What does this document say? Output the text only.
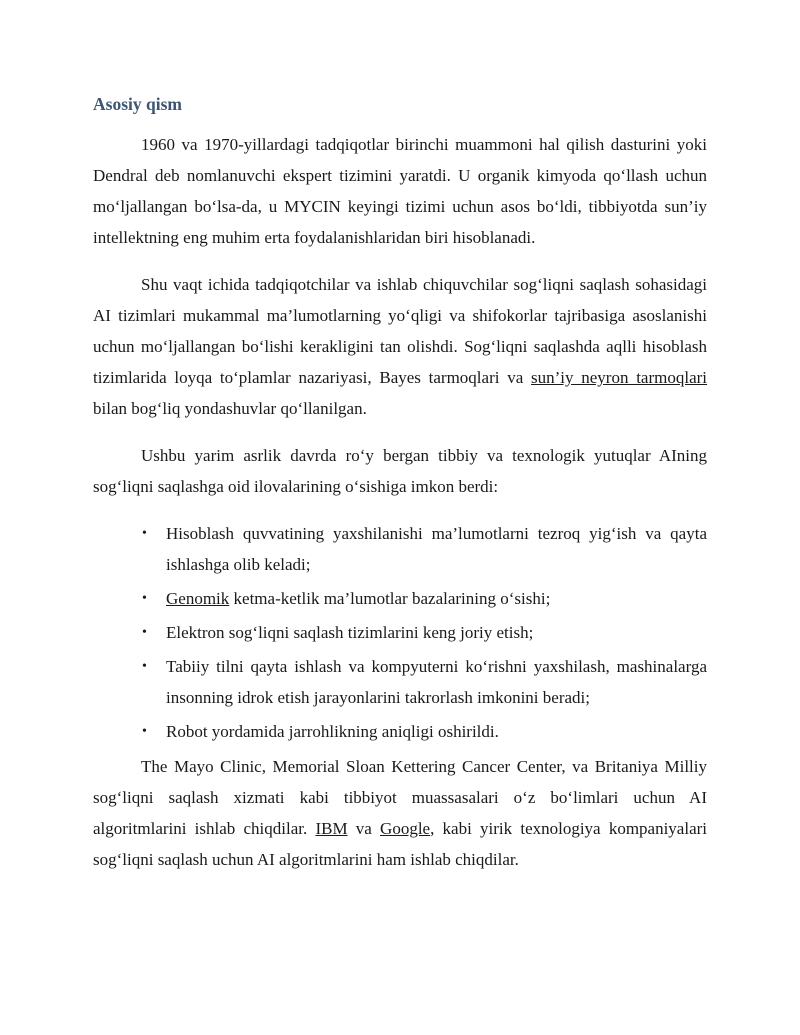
Asosiy qism

1960 va 1970-yillardagi tadqiqotlar birinchi muammoni hal qilish dasturini yoki Dendral deb nomlanuvchi ekspert tizimini yaratdi. U organik kimyoda qo‘llash uchun mo‘ljallangan bo‘lsa-da, u MYCIN keyingi tizimi uchun asos bo‘ldi, tibbiyotda sun’iy intellektning eng muhim erta foydalanishlaridan biri hisoblanadi.

Shu vaqt ichida tadqiqotchilar va ishlab chiquvchilar sog‘liqni saqlash sohasidagi AI tizimlari mukammal ma’lumotlarning yo‘qligi va shifokorlar tajribasiga asoslanishi uchun mo‘ljallangan bo‘lishi kerakligini tan olishdi. Sog‘liqni saqlashda aqlli hisoblash tizimlarida loyqa to‘plamlar nazariyasi, Bayes tarmoqlari va sun’iy neyron tarmoqlari bilan bog‘liq yondashuvlar qo‘llanilgan.

Ushbu yarim asrlik davrda ro‘y bergan tibbiy va texnologik yutuqlar AIning sog‘liqni saqlashga oid ilovalarining o‘sishiga imkon berdi:

• Hisoblash quvvatining yaxshilanishi ma’lumotlarni tezroq yig‘ish va qayta ishlashga olib keladi;
• Genomik ketma-ketlik ma’lumotlar bazalarining o‘sishi;
• Elektron sog‘liqni saqlash tizimlarini keng joriy etish;
• Tabiiy tilni qayta ishlash va kompyuterni ko‘rishni yaxshilash, mashinalarga insonning idrok etish jarayonlarini takrorlash imkonini beradi;
• Robot yordamida jarrohlikning aniqligi oshirildi.

The Mayo Clinic, Memorial Sloan Kettering Cancer Center, va Britaniya Milliy sog‘liqni saqlash xizmati kabi tibbiyot muassasalari o‘z bo‘limlari uchun AI algoritmlarini ishlab chiqdilar. IBM va Google, kabi yirik texnologiya kompaniyalari sog‘liqni saqlash uchun AI algoritmlarini ham ishlab chiqdilar.
